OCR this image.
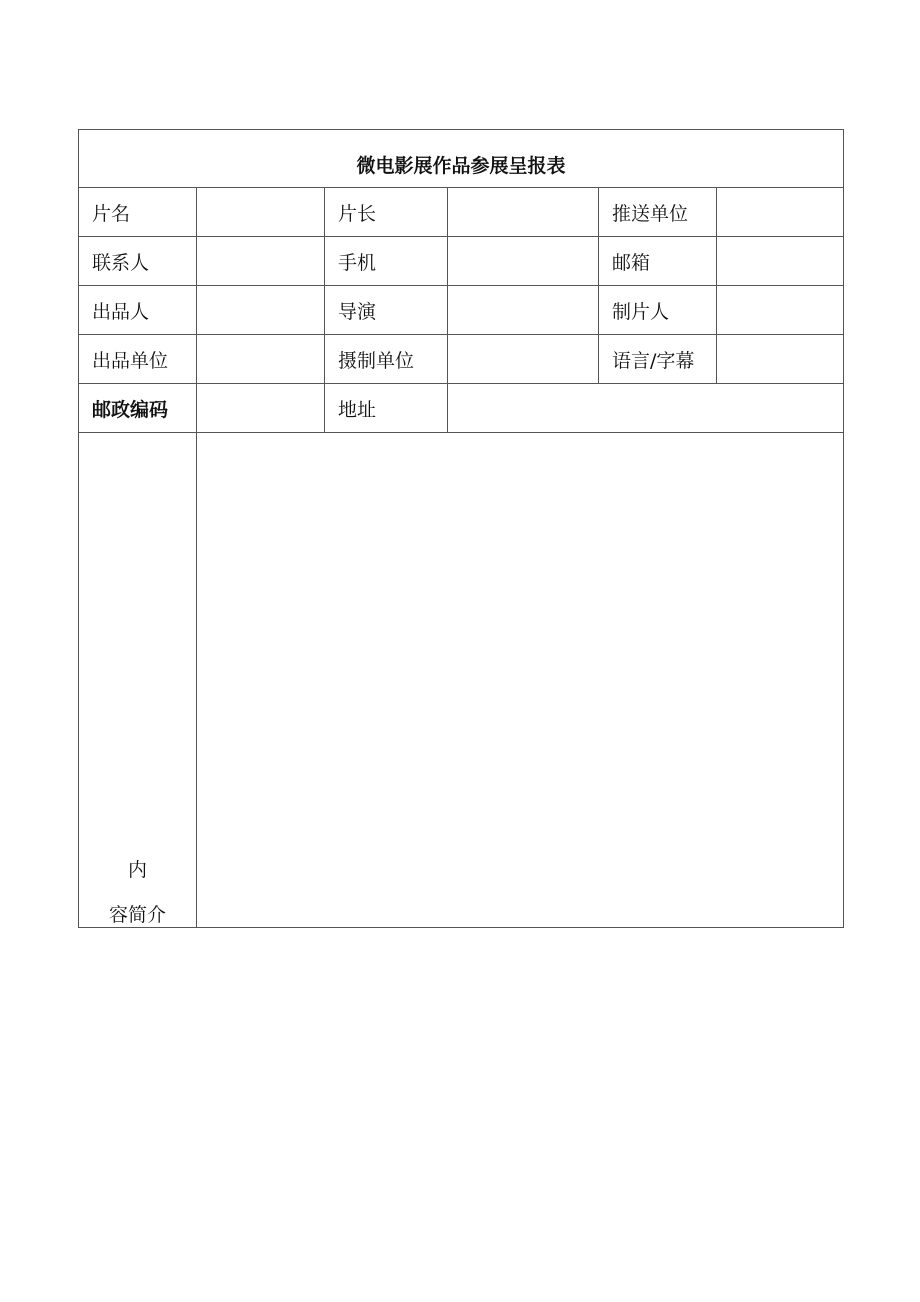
微电影展作品参展呈报表					
片名		片长		推送单位	
联系人		手机		邮箱	
出品人		导演		制片人	
出品单位		摄制单位		语言/字幕	
邮政编码		地址			

内
容简介					
